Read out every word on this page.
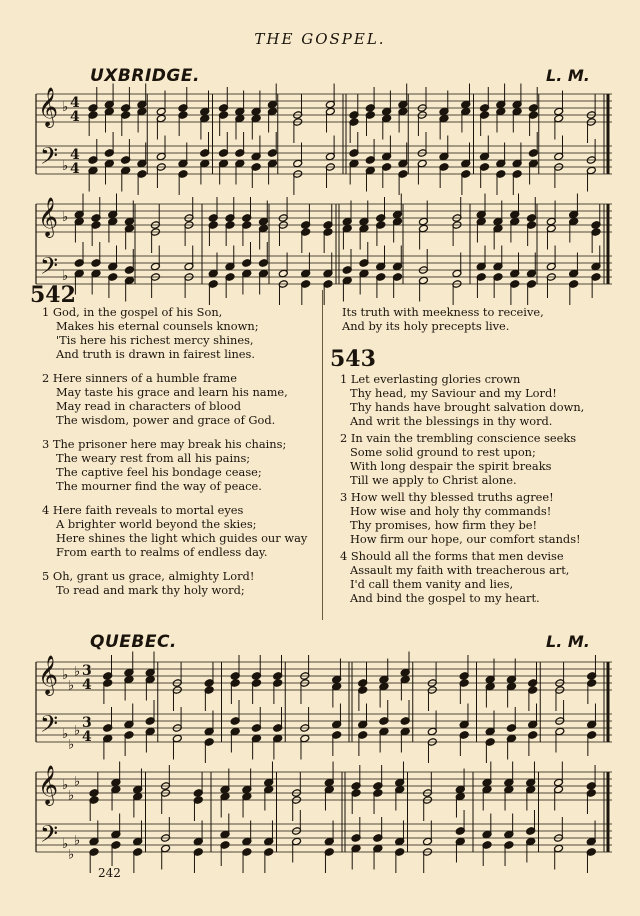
THE GOSPEL.
UXBRIDGE.	L. M.
𝄞
𝄢
♭
♭
4
4
4
4
𝄞
𝄢
♭
♭
542
1 God, in the gospel of his Son,
Makes his eternal counsels known;
'Tis here his richest mercy shines,
And truth is drawn in fairest lines.
2 Here sinners of a humble frame
May taste his grace and learn his name,
May read in characters of blood
The wisdom, power and grace of God.
3 The prisoner here may break his chains;
The weary rest from all his pains;
The captive feel his bondage cease;
The mourner find the way of peace.
4 Here faith reveals to mortal eyes
A brighter world beyond the skies;
Here shines the light which guides our way
From earth to realms of endless day.
5 Oh, grant us grace, almighty Lord!
To read and mark thy holy word;
Its truth with meekness to receive,
And by its holy precepts live.
543
1 Let everlasting glories crown
Thy head, my Saviour and my Lord!
Thy hands have brought salvation down,
And writ the blessings in thy word.
2 In vain the trembling conscience seeks
Some solid ground to rest upon;
With long despair the spirit breaks
Till we apply to Christ alone.
3 How well thy blessed truths agree!
How wise and holy thy commands!
Thy promises, how firm they be!
How firm our hope, our comfort stands!
4 Should all the forms that men devise
Assault my faith with treacherous art,
I'd call them vanity and lies,
And bind the gospel to my heart.
QUEBEC.	L. M.
𝄞
𝄢
♭
♭
♭
♭
♭
♭
3
4
3
4
𝄞
𝄢
♭
♭
♭
♭
♭
♭
242
